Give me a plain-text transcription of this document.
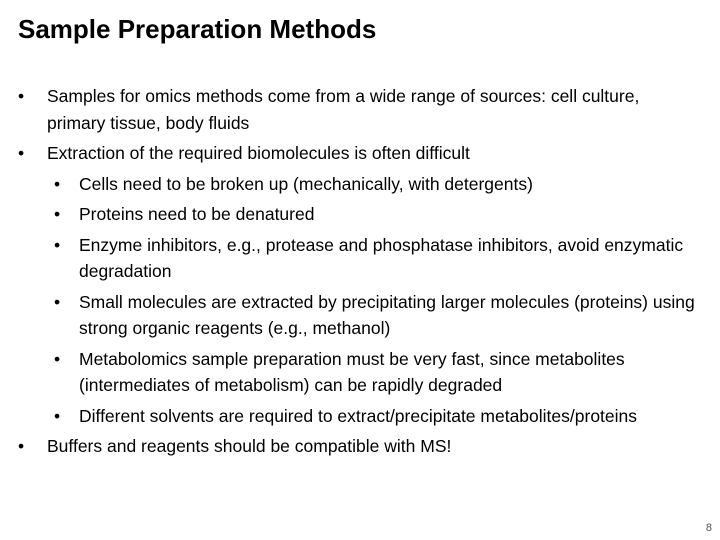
Sample Preparation Methods
• Samples for omics methods come from a wide range of sources: cell culture, primary tissue, body fluids
• Extraction of the required biomolecules is often difficult
• Cells need to be broken up (mechanically, with detergents)
• Proteins need to be denatured
• Enzyme inhibitors, e.g., protease and phosphatase inhibitors, avoid enzymatic degradation
• Small molecules are extracted by precipitating larger molecules (proteins) using strong organic reagents (e.g., methanol)
• Metabolomics sample preparation must be very fast, since metabolites (intermediates of metabolism) can be rapidly degraded
• Different solvents are required to extract/precipitate metabolites/proteins
• Buffers and reagents should be compatible with MS!
8
